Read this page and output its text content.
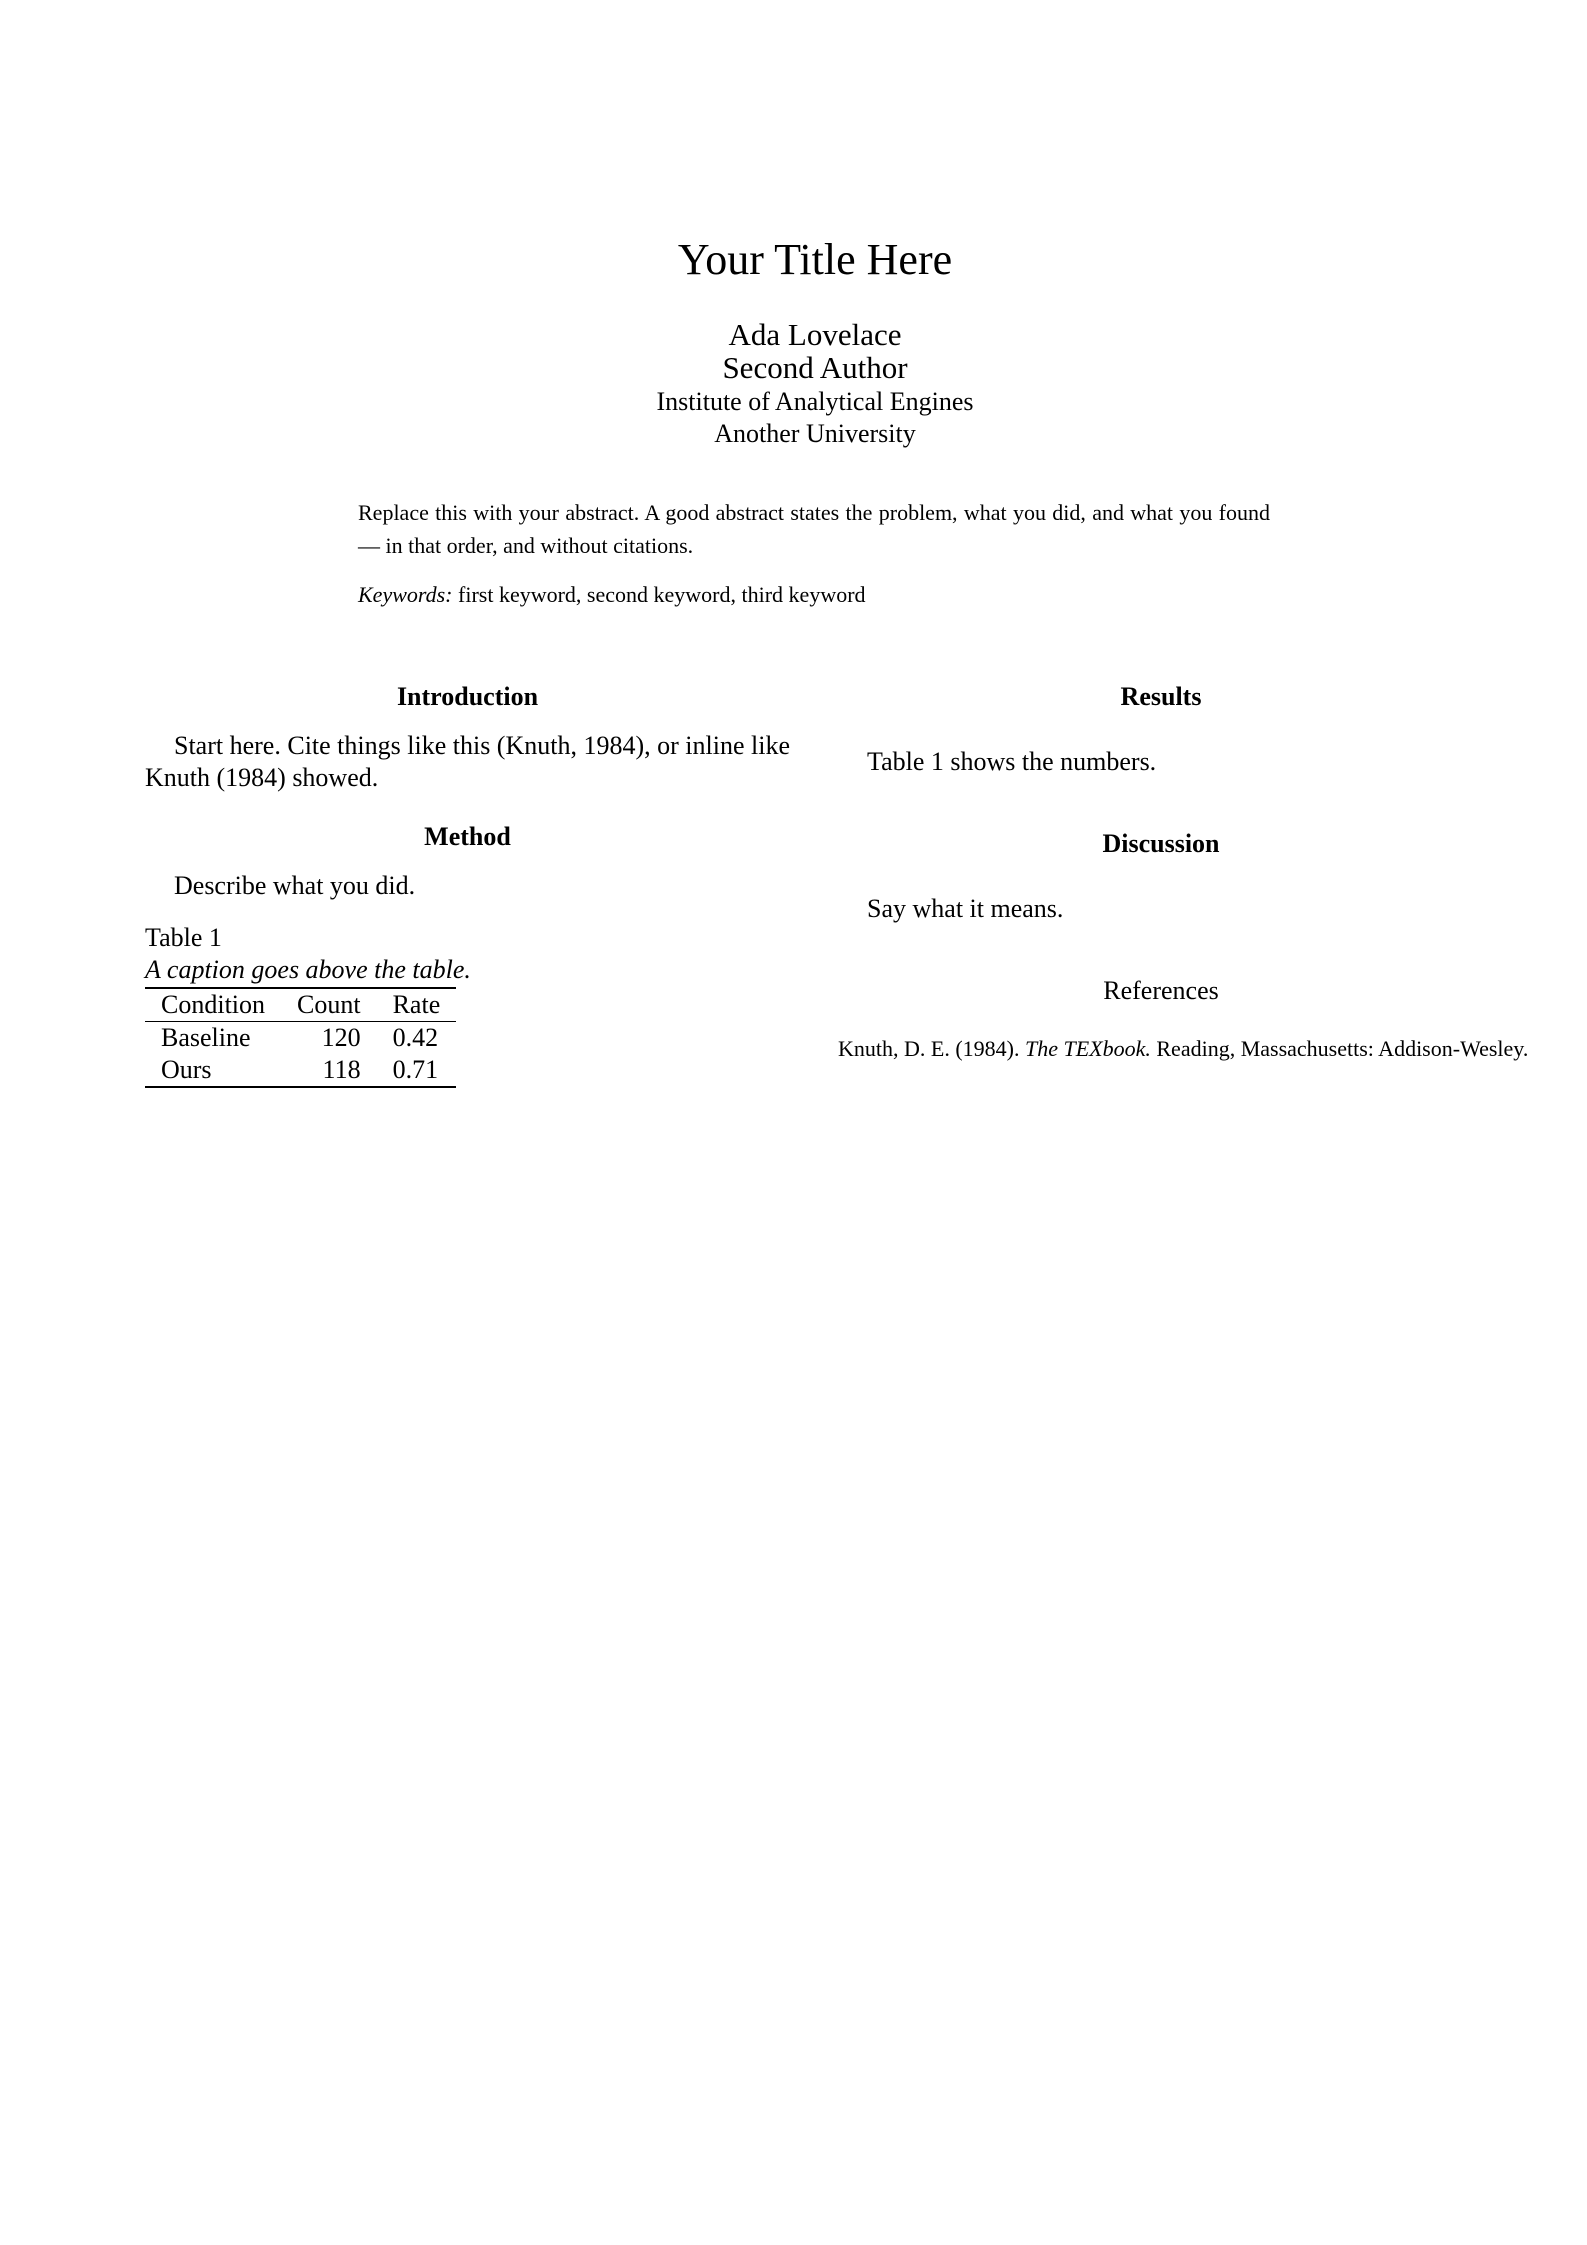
Your Title Here
Ada Lovelace
Second Author
Institute of Analytical Engines
Another University
Replace this with your abstract. A good abstract states the problem, what you did, and what you found — in that order, and without citations.
Keywords: first keyword, second keyword, third keyword
Introduction
Start here. Cite things like this (Knuth, 1984), or inline like Knuth (1984) showed.
Method
Describe what you did.
Table 1
A caption goes above the table.
Condition	Count	Rate
Baseline	120	0.42
Ours	118	0.71
Results
Table 1 shows the numbers.
Discussion
Say what it means.
References
Knuth, D. E. (1984). The TEXbook. Reading, Massachusetts: Addison-Wesley.
